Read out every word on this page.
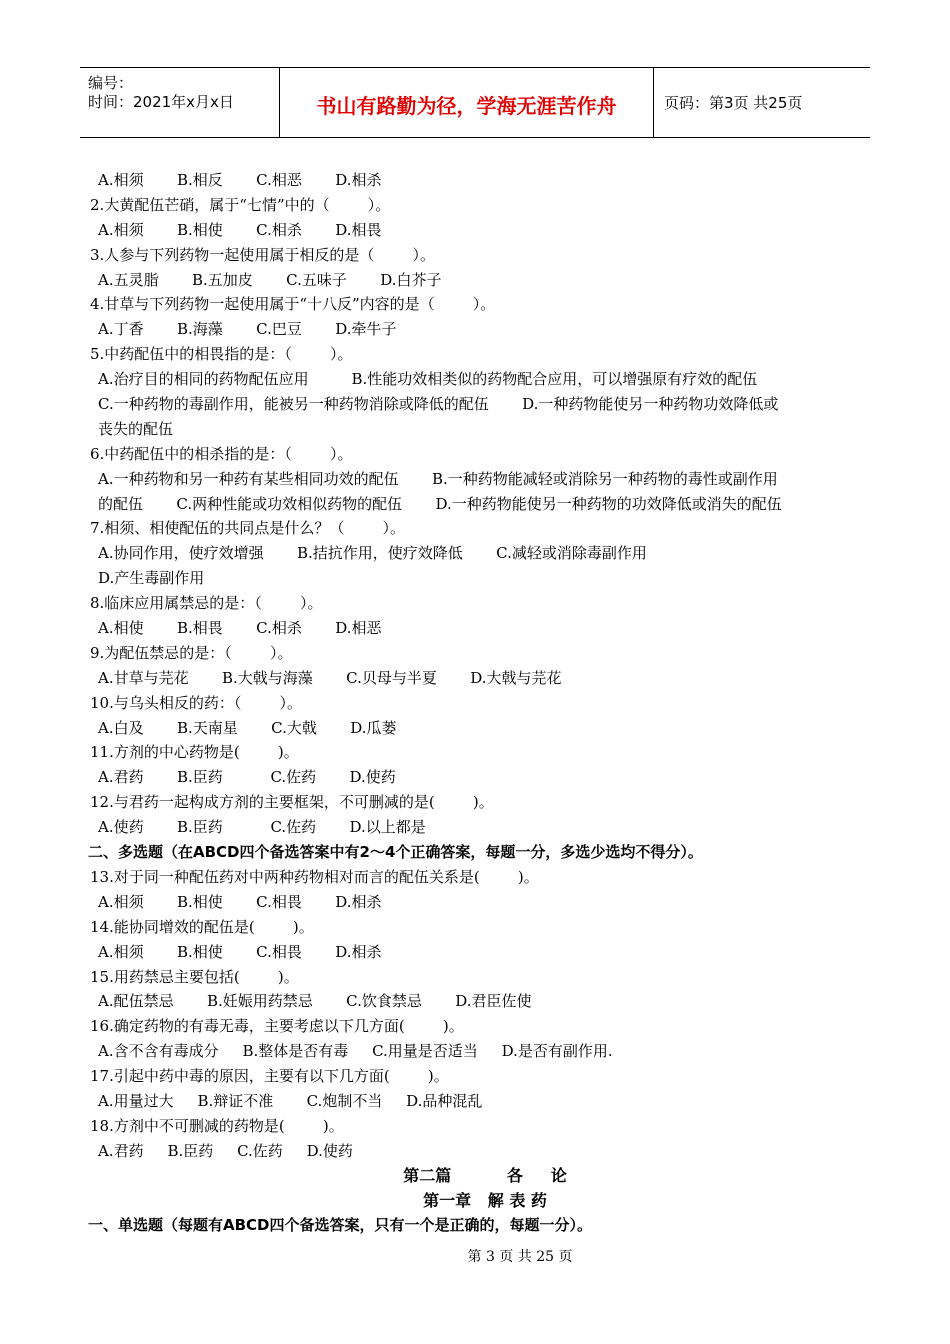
编号：
时间：2021年x月x日	书山有路勤为径，学海无涯苦作舟	页码：第3页 共25页
A.相须       B.相反       C.相恶       D.相杀
2.大黄配伍芒硝，属于“七情”中的（        ）。
A.相须       B.相使       C.相杀       D.相畏
3.人参与下列药物一起使用属于相反的是（        ）。
A.五灵脂       B.五加皮       C.五味子       D.白芥子
4.甘草与下列药物一起使用属于“十八反”内容的是（        ）。
A.丁香       B.海藻       C.巴豆       D.牵牛子
5.中药配伍中的相畏指的是：（        ）。
A.治疗目的相同的药物配伍应用         B.性能功效相类似的药物配合应用，可以增强原有疗效的配伍
C.一种药物的毒副作用，能被另一种药物消除或降低的配伍       D.一种药物能使另一种药物功效降低或
丧失的配伍
6.中药配伍中的相杀指的是：（        ）。
A.一种药物和另一种药有某些相同功效的配伍       B.一种药物能减轻或消除另一种药物的毒性或副作用
的配伍       C.两种性能或功效相似药物的配伍       D.一种药物能使另一种药物的功效降低或消失的配伍
7.相须、相使配伍的共同点是什么？（        ）。
A.协同作用，使疗效增强       B.拮抗作用，使疗效降低       C.减轻或消除毒副作用
D.产生毒副作用
8.临床应用属禁忌的是：（        ）。
A.相使       B.相畏       C.相杀       D.相恶
9.为配伍禁忌的是：（        ）。
A.甘草与芫花       B.大戟与海藻       C.贝母与半夏       D.大戟与芫花
10.与乌头相反的药：（        ）。
A.白及       B.天南星       C.大戟       D.瓜蒌
11.方剂的中心药物是(        )。
A.君药       B.臣药          C.佐药       D.使药
12.与君药一起构成方剂的主要框架，不可删减的是(        )。
A.使药       B.臣药          C.佐药       D.以上都是
二、多选题（在ABCD四个备选答案中有2～4个正确答案，每题一分，多选少选均不得分）。
13.对于同一种配伍药对中两种药物相对而言的配伍关系是(        )。
A.相须       B.相使       C.相畏       D.相杀
14.能协同增效的配伍是(        )。
A.相须       B.相使       C.相畏       D.相杀
15.用药禁忌主要包括(        )。
A.配伍禁忌       B.妊娠用药禁忌       C.饮食禁忌       D.君臣佐使
16.确定药物的有毒无毒，主要考虑以下几方面(        )。
A.含不含有毒成分     B.整体是否有毒     C.用量是否适当     D.是否有副作用.
17.引起中药中毒的原因，主要有以下几方面(        )。
A.用量过大     B.辩证不准       C.炮制不当     D.品种混乱
18.方剂中不可删减的药物是(        )。
A.君药     B.臣药     C.佐药     D.使药
第二篇          各     论
第一章   解 表 药
一、单选题（每题有ABCD四个备选答案，只有一个是正确的，每题一分）。
第 3 页 共 25 页
